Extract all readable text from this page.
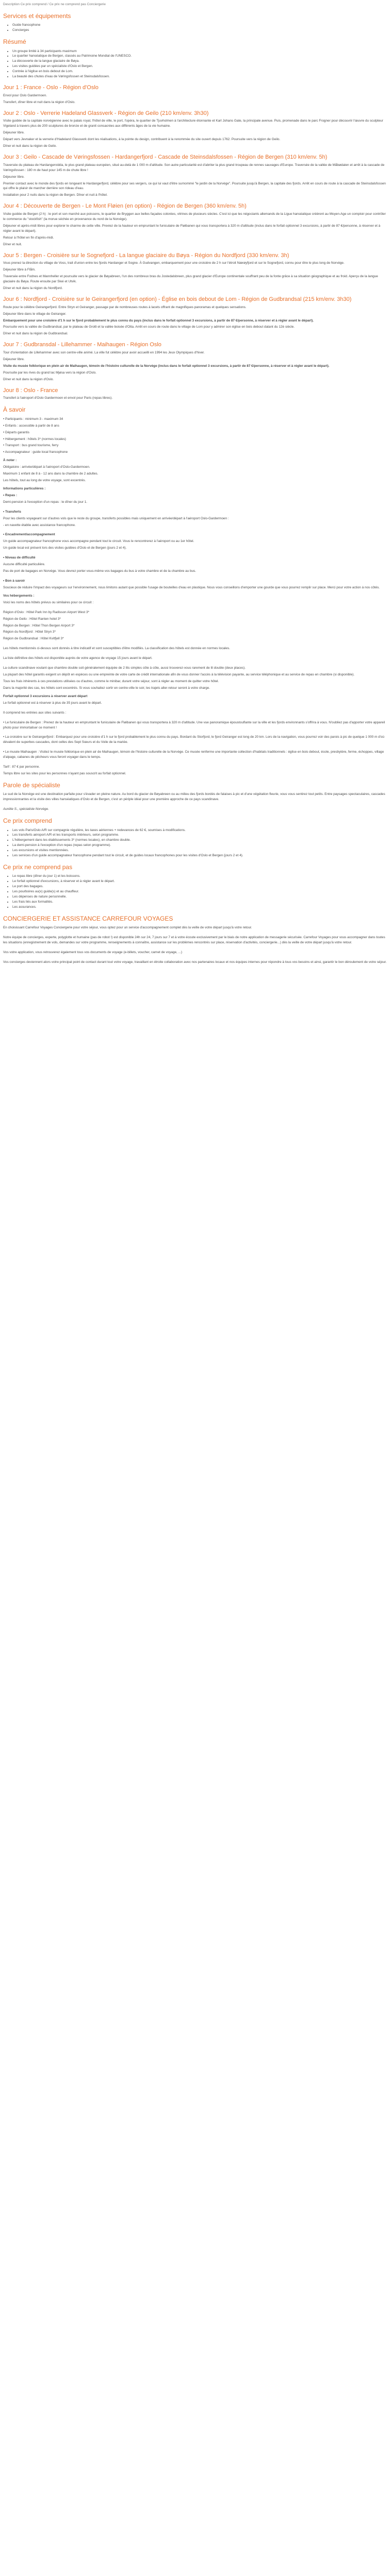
Description Ce prix comprend / Ce prix ne comprend pas Conciergerie
Services et équipements
• Guide francophone
• Concierges
Résumé
• Un groupe limité à 34 participants maximum
• Le quartier hanséatique de Bergen, classés au Patrimoine Mondial de l'UNESCO.
• La découverte de la langue glaciaire de Bøya.
• Les visites guidées par un spécialiste d'Oslo et Bergen.
• Contrée à l'église en bois debout de Lom.
• La beauté des chutes d'eau de Vøringsfossen et Steinsdalsfossen.
Jour 1 : France - Oslo - Région d'Oslo

Envol pour Oslo Gardermoen.

Transfert, dîner libre et nuit dans la région d'Oslo.

Jour 2 : Oslo - Verrerie Hadeland Glassverk - Région de Geilo (210 km/env. 3h30)

Visite guidée de la capitale norvégienne avec le palais royal, l'hôtel de ville, le port, l'opéra, le quartier de Tjuvholmen à l'architecture étonnante et Karl Johans Gate, la principale avenue. Puis, promenade dans le parc Frogner pour découvrir l'œuvre du sculpteur Vigeland à travers plus de 200 sculptures de bronze et de granit consacrées aux différents âges de la vie humaine.

Déjeuner libre.

Départ vers Jevnaker et la verrerie d'Hadeland Glassverk dont les réalisations, à la pointe du design, contribuent à la renommée du site ouvert depuis 1762. Poursuite vers la région de Geilo.

Dîner et nuit dans la région de Geilo.

Jour 3 : Geilo - Cascade de Vøringsfossen - Hardangerfjord - Cascade de Steinsdalsfossen - Région de Bergen (310 km/env. 5h)

Traversée du plateau de Hardangervidda, le plus grand plateau européen, situé au-delà de 1 000 m d'altitude. Son autre particularité est d'abriter la plus grand troupeau de rennes sauvages d'Europe. Traversée de la vallée de Måbødalen et arrêt à la cascade de Vøringsfossen : 180 m de haut pour 145 m de chute libre !

Déjeuner libre.

Premier contact avec le monde des fjords en longeant le Hardangerfjord, célèbre pour ses vergers, ce qui lui vaut d'être surnommé "le jardin de la Norvège". Poursuite jusqu'à Bergen, la capitale des fjords. Arrêt en cours de route à la cascade de Steinsdalsfossen qui offre le plaisir de marcher derrière son rideau d'eau.

Installation pour 2 nuits dans la région de Bergen. Dîner et nuit à l'hôtel.

Jour 4 : Découverte de Bergen - Le Mont Fløien (en option) - Région de Bergen (360 km/env. 5h)

Visite guidée de Bergen (2 h) : le port et son marché aux poissons, le quartier de Bryggen aux belles façades colorées, vitrines de plusieurs siècles. C'est ici que les négociants allemands de la Ligue hanséatique créèrent au Moyen-Age un comptoir pour contrôler le commerce du "stockfish" (la morue séchée en provenance du nord de la Norvège).

Déjeuner et après-midi libres pour explorer le charme de cette ville. Previez de la hauteur en empruntant le funiculaire de Fløibanen qui vous transportera à 320 m d'altitude (inclus dans le forfait optionnel 3 excursions, à partir de 87 €/personne, à réserver et à régler avant le départ).

Retour à l'hôtel en fin d'après-midi.

Dîner et nuit.

Jour 5 : Bergen - Croisière sur le Sognefjord - La langue glaciaire du Bøya - Région du Nordfjord (330 km/env. 3h)

Vous prenez la direction du village de Voss, trait d'union entre les fjords Hardanger et Sogne. À Gudvangen, embarquement pour une croisière de 2 h sur l'étroit Nærøyfjord et sur le Sognefjord, connu pour être le plus long de Norvège.

Déjeuner libre à Flåm.

Traversée entre Fodnes et Mannheller et poursuite vers le glacier de Bøyabreen, l'un des nombreux bras du Jostedalsbreen, plus grand glacier d'Europe continentale souffrant peu de la fonte grâce à sa situation géographique et au froid. Aperçu de la langue glaciaire du Bøya. Route ensuite par Skei et Utvik.

Dîner et nuit dans la région du Nordfjord.

Jour 6 : Nordfjord - Croisière sur le Geirangerfjord (en option) - Église en bois debout de Lom - Région de Gudbrandsal (215 km/env. 3h30)

Route pour le célèbre Geirangerfjord. Entre Stryn et Geiranger, passage par de nombreuses routes à lacets offrant de magnifiques panoramas et quelques sensations.

Déjeuner libre dans le village de Geiranger.

Embarquement pour une croisière d'1 h sur le fjord probablement le plus connu du pays (inclus dans le forfait optionnel 3 excursions, à partir de 87 €/personne, à réserver et à régler avant le départ).

Poursuite vers la vallée de Gudbrandsal, par le plateau de Grotli et la vallée boisée d'Otta. Arrêt en cours de route dans le village de Lom pour y admirer son église en bois debout datant du 12è siècle.

Dîner et nuit dans la région de Gudbrandsal.

Jour 7 : Gudbransdal - Lillehammer - Maihaugen - Région Oslo

Tour d'orientation de Lillehammer avec son centre-ville animé. La ville fut célèbre pour avoir accueilli en 1994 les Jeux Olympiques d'hiver.

Déjeuner libre.

Visite du musée folklorique en plein air de Maihaugen, témoin de l'histoire culturelle de la Norvège (inclus dans le forfait optionnel 3 excursions, à partir de 87 €/personne, à réserver et à régler avant le départ).

Poursuite par les rives du grand lac Mjøsa vers la région d'Oslo.

Dîner et nuit dans la région d'Oslo.

Jour 8 : Oslo - France

Transfert à l'aéroport d'Oslo Gardermoen et envol pour Paris (repas libres).

À savoir

• Participants : minimum 3 - maximum 34

• Enfants : accessible à partir de 8 ans

• Départs garantis

• Hébergement : hôtels 3* (normes locales)

• Transport : bus grand tourisme, ferry

• Accompagnateur : guide local francophone

À noter :

Obligatoire : arrivée/départ à l'aéroport d'Oslo-Gardermoen.

Maximum 1 enfant de 8 à - 12 ans dans la chambre de 2 adultes.

Les hôtels, tout au long de votre voyage, sont excentrés.

Informations particulières :

• Repas :

Demi-pension à l'exception d'un repas : le dîner du jour 1.

• Transferts

Pour les clients voyageant sur d'autres vols que le reste du groupe, transferts possibles mais uniquement en arrivée/départ à l'aéroport Oslo-Gardermoen :

- en navette établie avec assistance francophone.

• Encadrement/accompagnement

Un guide accompagnateur francophone vous accompagne pendant tout le circuit. Vous le rencontrerez à l'aéroport ou au 1er hôtel.

Un guide local est présent lors des visites guidées d'Oslo et de Bergen (jours 2 et 4).

• Niveau de difficulté

Aucune difficulté particulière.

Pas de port de bagages en Norvège. Vous devrez porter vous-même vos bagages du bus à votre chambre et de la chambre au bus.

• Bon à savoir

Soucieux de réduire l'impact des voyageurs sur l'environnement, nous limitons autant que possible l'usage de bouteilles d'eau en plastique. Nous vous conseillons d'emporter une gourde que vous pourrez remplir sur place. Merci pour votre action à nos côtés.

Vos hébergements :

Voici les noms des hôtels prévus ou similaires pour ce circuit :

Région d'Oslo : Hôtel Park Inn by Radisson Airport West 3*

Région de Geilo : Hôtel Ranten hotel 3*

Région de Bergen : Hôtel Thon Bergen Airport 3*

Région du Nordfjord : Hôtel Stryn 3*

Région de Gudbrandsal : Hôtel Kvitfjell 3*

Les hôtels mentionnés ci-dessus sont donnés à titre indicatif et sont susceptibles d'être modifiés. La classification des hôtels est donnée en normes locales.

La liste définitive des hôtels est disponible auprès de votre agence de voyage 15 jours avant le départ.

La culture scandinave voulant que chambre double soit généralement équipée de 2 lits simples côte à côte, aussi trouverez-vous rarement de lit double (deux places).

La plupart des hôtel garantis exigent un dépôt en espèces ou une empreinte de votre carte de crédit internationale afin de vous donner l'accès à la télévision payante, au service téléphonique et au service de repas en chambre (si disponible).

Tous les frais inhérents à ces prestations utilisées ou d'autres, comme le minibar, durant votre séjour, sont à régler au moment de quitter votre hôtel.

Dans la majorité des cas, les hôtels sont excentrés. Si vous souhaitez sortir en centre-ville le soir, les trajets aller-retour seront à votre charge.

Forfait optionnel 3 excursions à réserver avant départ

Le forfait optionnel est à réserver à plus de 35 jours avant le départ.

Il comprend les entrées aux sites suivants :

• Le funiculaire de Bergen : Prenez de la hauteur en empruntant le funiculaire de Fløibanen qui vous transportera à 320 m d'altitude. Une vue panoramique époustouflante sur la ville et les fjords environnants s'offrira à vous. N'oubliez pas d'apporter votre appareil photo pour immortaliser ce moment !

• La croisière sur le Geirangerfjord : Embarquez pour une croisière d'1 h sur le fjord probablement le plus connu du pays. Bordant du Storfjord, le fjord Geiranger est long de 20 km. Lors de la navigation, vous pourrez voir des parois à pic de quelque 1 000 m d'où dévalent de superbes cascades, dont celles des Sept Sœurs et du Voile de la mariée.

• Le musée Maihaugen : Visitez le musée folklorique en plein air de Maihaugen, témoin de l'histoire culturelle de la Norvège. Ce musée renferme une importante collection d'habitats traditionnels : église en bois debout, école, presbytère, ferme, échoppes, village d'alpage, cabanes de pêcheurs vous feront voyager dans le temps.

Tarif : 87 € par personne.

Temps libre sur les sites pour les personnes n'ayant pas souscrit au forfait optionnel.

Parole de spécialiste

Le sud de la Norvège est une destination parfaite pour s'évader en pleine nature. Au bord du glacier de Bøyabreen ou au milieu des fjords bordés de falaises à pic et d'une végétation fleurie, vous vous sentirez tout petits. Entre paysages spectaculaires, cascades impressionnantes et la visite des villes hanséatiques d'Oslo et de Bergen, c'est un périple idéal pour une première approche de ce pays scandinave.

Aurélie S., spécialiste Norvège.

Ce prix comprend
• Les vols Paris/Oslo A/R sur compagnie régulière, les taxes aériennes + redevances de 62 €, soumises à modifications.
• Les transferts aéroport A/R et les transports intérieurs, selon programme.
• L'hébergement dans les établissements 3* (normes locales), en chambre double.
• La demi-pension à l'exception d'un repas (repas selon programme).
• Les excursions et visites mentionnées.
• Les services d'un guide accompagnateur francophone pendant tout le circuit, et de guides locaux francophones pour les visites d'Oslo et Bergen (jours 2 et 4).
Ce prix ne comprend pas
• Le repas libre (dîner du jour 1) et les boissons.
• Le forfait optionnel d'excursions, à réserver et à régler avant le départ.
• Le port des bagages.
• Les pourboires au(x) guide(s) et au chauffeur.
• Les dépenses de nature personnelle.
• Les frais liés aux formalités.
• Les assurances.
CONCIERGERIE ET ASSISTANCE CARREFOUR VOYAGES

En choisissant Carrefour Voyages Conciergerie pour votre séjour, vous optez pour un service d'accompagnement complet dès la veille de votre départ jusqu'à votre retour.

Notre équipe de concierges, experte, polyglotte et humaine (pas de robot !) est disponible 24h sur 24, 7 jours sur 7 et à votre écoute exclusivement par le biais de notre application de messagerie sécurisée. Carrefour Voyages pour vous accompagner dans toutes les situations (enregistrement de vols, demandes sur votre programme, renseignements à connaître, assistance sur les problèmes rencontrés sur place, réservation d'activités, conciergerie...) dès la veille de votre départ jusqu'à votre retour.

Vos votre application, vous retrouverez également tous vos documents de voyage (e-billets, voucher, carnet de voyage, ...)

Vos concierges deviennent alors votre principal point de contact durant tout votre voyage, travaillant en étroite collaboration avec nos partenaires locaux et nos équipes internes pour répondre à tous vos besoins et ainsi, garantir le bon déroulement de votre séjour.
